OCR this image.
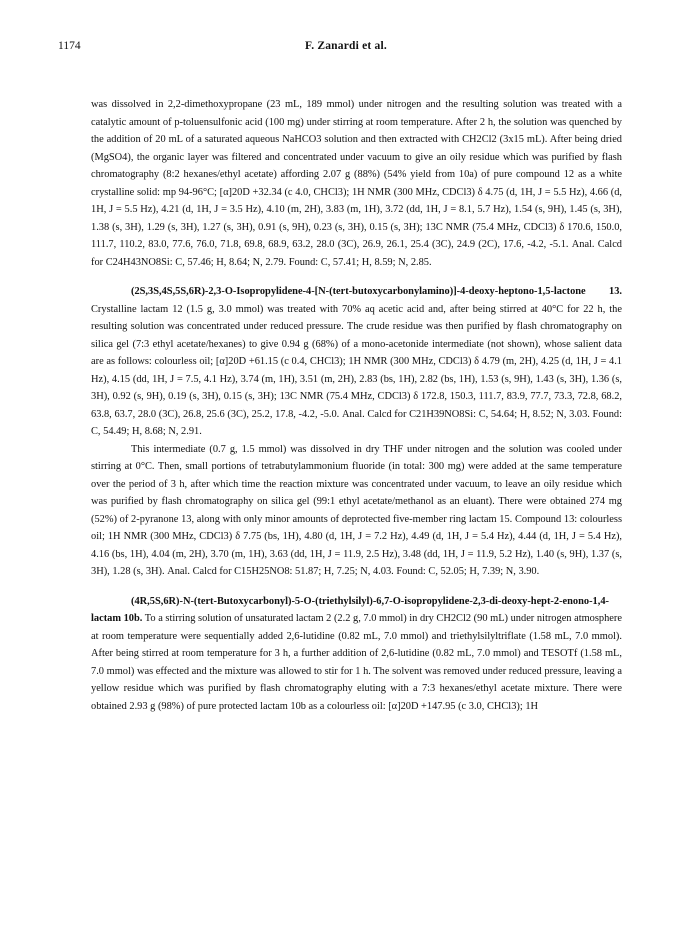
1174	F. Zanardi et al.

was dissolved in 2,2-dimethoxypropane (23 mL, 189 mmol) under nitrogen and the resulting solution was treated with a catalytic amount of p-toluensulfonic acid (100 mg) under stirring at room temperature. After 2 h, the solution was quenched by the addition of 20 mL of a saturated aqueous NaHCO3 solution and then extracted with CH2Cl2 (3x15 mL). After being dried (MgSO4), the organic layer was filtered and concentrated under vacuum to give an oily residue which was purified by flash chromatography (8:2 hexanes/ethyl acetate) affording 2.07 g (88%) (54% yield from 10a) of pure compound 12 as a white crystalline solid: mp 94-96°C; [α]20D +32.34 (c 4.0, CHCl3); 1H NMR (300 MHz, CDCl3) δ 4.75 (d, 1H, J = 5.5 Hz), 4.66 (d, 1H, J = 5.5 Hz), 4.21 (d, 1H, J = 3.5 Hz), 4.10 (m, 2H), 3.83 (m, 1H), 3.72 (dd, 1H, J = 8.1, 5.7 Hz), 1.54 (s, 9H), 1.45 (s, 3H), 1.38 (s, 3H), 1.29 (s, 3H), 1.27 (s, 3H), 0.91 (s, 9H), 0.23 (s, 3H), 0.15 (s, 3H); 13C NMR (75.4 MHz, CDCl3) δ 170.6, 150.0, 111.7, 110.2, 83.0, 77.6, 76.0, 71.8, 69.8, 68.9, 63.2, 28.0 (3C), 26.9, 26.1, 25.4 (3C), 24.9 (2C), 17.6, -4.2, -5.1. Anal. Calcd for C24H43NO8Si: C, 57.46; H, 8.64; N, 2.79. Found: C, 57.41; H, 8.59; N, 2.85.

(2S,3S,4S,5S,6R)-2,3-O-Isopropylidene-4-[N-(tert-butoxycarbonylamino)]-4-deoxy-heptono-1,5-lactone 13. Crystalline lactam 12 (1.5 g, 3.0 mmol) was treated with 70% aq acetic acid and, after being stirred at 40°C for 22 h, the resulting solution was concentrated under reduced pressure. The crude residue was then purified by flash chromatography on silica gel (7:3 ethyl acetate/hexanes) to give 0.94 g (68%) of a mono-acetonide intermediate (not shown), whose salient data are as follows: colourless oil; [α]20D +61.15 (c 0.4, CHCl3); 1H NMR (300 MHz, CDCl3) δ 4.79 (m, 2H), 4.25 (d, 1H, J = 4.1 Hz), 4.15 (dd, 1H, J = 7.5, 4.1 Hz), 3.74 (m, 1H), 3.51 (m, 2H), 2.83 (bs, 1H), 2.82 (bs, 1H), 1.53 (s, 9H), 1.43 (s, 3H), 1.36 (s, 3H), 0.92 (s, 9H), 0.19 (s, 3H), 0.15 (s, 3H); 13C NMR (75.4 MHz, CDCl3) δ 172.8, 150.3, 111.7, 83.9, 77.7, 73.3, 72.8, 68.2, 63.8, 63.7, 28.0 (3C), 26.8, 25.6 (3C), 25.2, 17.8, -4.2, -5.0. Anal. Calcd for C21H39NO8Si: C, 54.64; H, 8.52; N, 3.03. Found: C, 54.49; H, 8.68; N, 2.91.

This intermediate (0.7 g, 1.5 mmol) was dissolved in dry THF under nitrogen and the solution was cooled under stirring at 0°C. Then, small portions of tetrabutylammonium fluoride (in total: 300 mg) were added at the same temperature over the period of 3 h, after which time the reaction mixture was concentrated under vacuum, to leave an oily residue which was purified by flash chromatography on silica gel (99:1 ethyl acetate/methanol as an eluant). There were obtained 274 mg (52%) of 2-pyranone 13, along with only minor amounts of deprotected five-member ring lactam 15. Compound 13: colourless oil; 1H NMR (300 MHz, CDCl3) δ 7.75 (bs, 1H), 4.80 (d, 1H, J = 7.2 Hz), 4.49 (d, 1H, J = 5.4 Hz), 4.44 (d, 1H, J = 5.4 Hz), 4.16 (bs, 1H), 4.04 (m, 2H), 3.70 (m, 1H), 3.63 (dd, 1H, J = 11.9, 2.5 Hz), 3.48 (dd, 1H, J = 11.9, 5.2 Hz), 1.40 (s, 9H), 1.37 (s, 3H), 1.28 (s, 3H). Anal. Calcd for C15H25NO8: 51.87; H, 7.25; N, 4.03. Found: C, 52.05; H, 7.39; N, 3.90.

(4R,5S,6R)-N-(tert-Butoxycarbonyl)-5-O-(triethylsilyl)-6,7-O-isopropylidene-2,3-di-deoxy-hept-2-enono-1,4-lactam 10b. To a stirring solution of unsaturated lactam 2 (2.2 g, 7.0 mmol) in dry CH2Cl2 (90 mL) under nitrogen atmosphere at room temperature were sequentially added 2,6-lutidine (0.82 mL, 7.0 mmol) and triethylsilyltriflate (1.58 mL, 7.0 mmol). After being stirred at room temperature for 3 h, a further addition of 2,6-lutidine (0.82 mL, 7.0 mmol) and TESOTf (1.58 mL, 7.0 mmol) was effected and the mixture was allowed to stir for 1 h. The solvent was removed under reduced pressure, leaving a yellow residue which was purified by flash chromatography eluting with a 7:3 hexanes/ethyl acetate mixture. There were obtained 2.93 g (98%) of pure protected lactam 10b as a colourless oil: [α]20D +147.95 (c 3.0, CHCl3); 1H
